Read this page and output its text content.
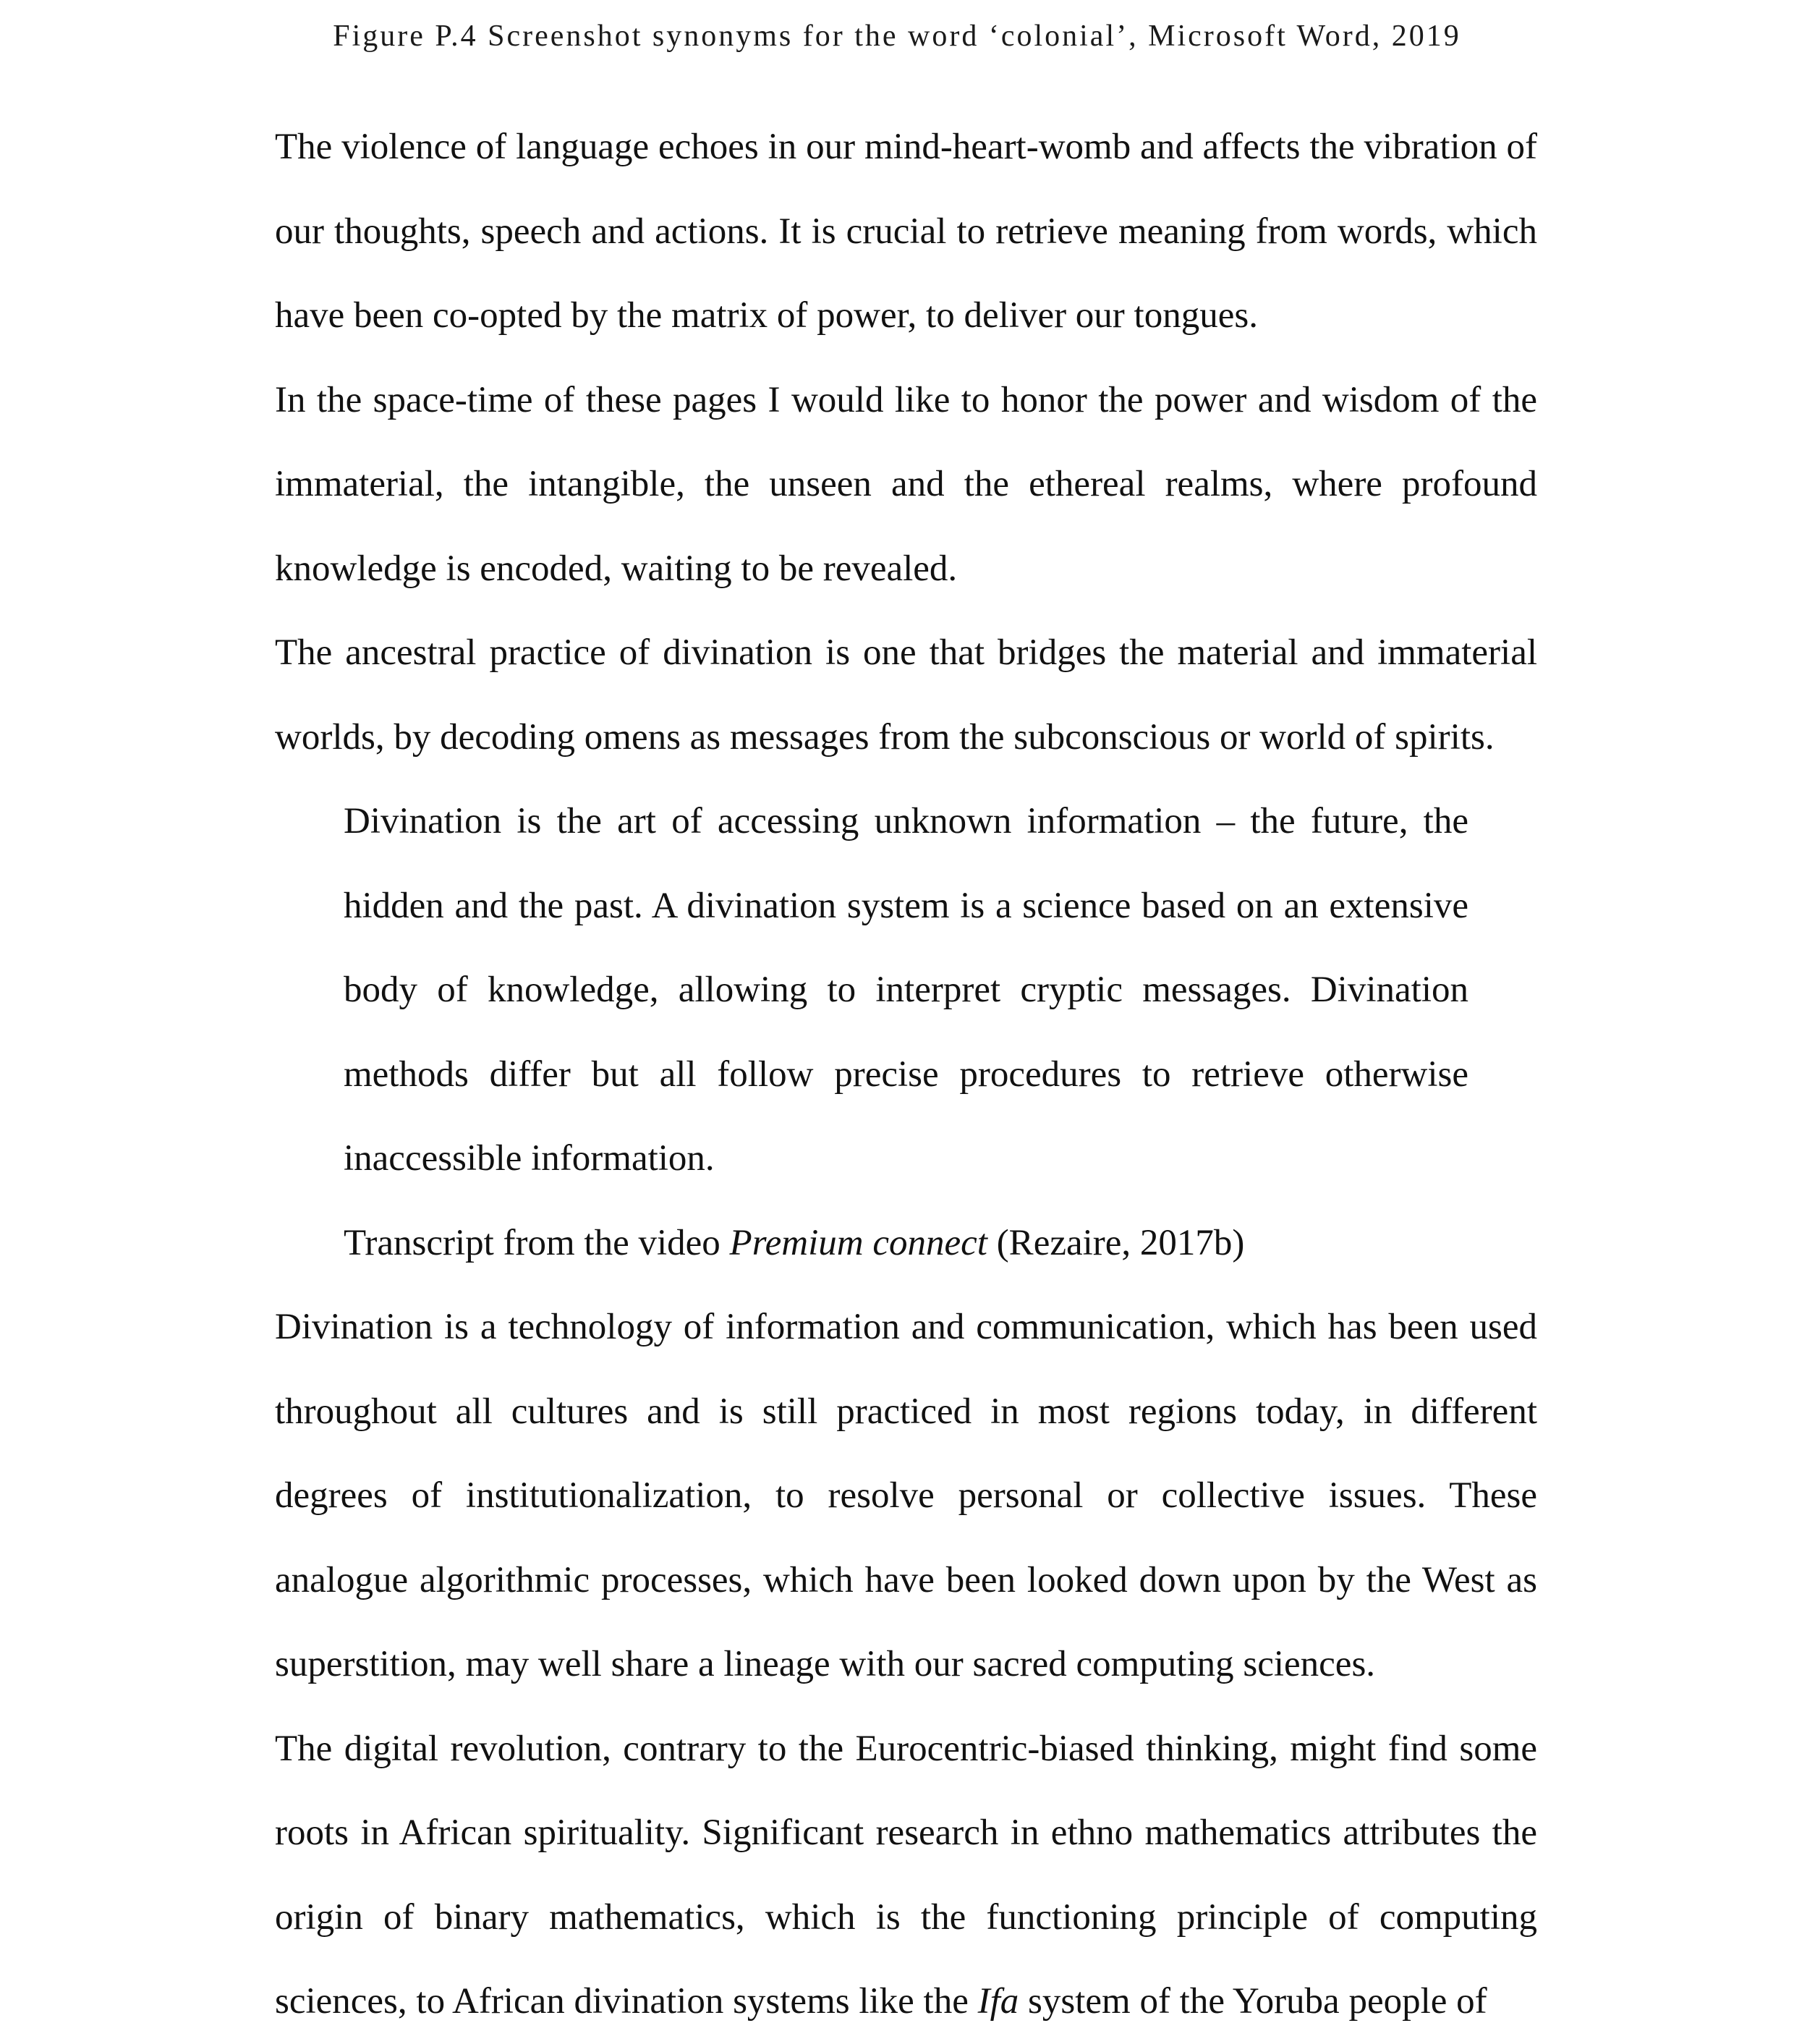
Figure P.4 Screenshot synonyms for the word ‘colonial’, Microsoft Word, 2019

The violence of language echoes in our mind-heart-womb and affects the vibration of our thoughts, speech and actions. It is crucial to retrieve meaning from words, which have been co-opted by the matrix of power, to deliver our tongues.

In the space-time of these pages I would like to honor the power and wisdom of the immaterial, the intangible, the unseen and the ethereal realms, where profound knowledge is encoded, waiting to be revealed.

The ancestral practice of divination is one that bridges the material and immaterial worlds, by decoding omens as messages from the subconscious or world of spirits.

Divination is the art of accessing unknown information – the future, the hidden and the past. A divination system is a science based on an extensive body of knowledge, allowing to interpret cryptic messages. Divination methods differ but all follow precise procedures to retrieve otherwise inaccessible information.

Transcript from the video Premium connect (Rezaire, 2017b)

Divination is a technology of information and communication, which has been used throughout all cultures and is still practiced in most regions today, in different degrees of institutionalization, to resolve personal or collective issues. These analogue algorithmic processes, which have been looked down upon by the West as superstition, may well share a lineage with our sacred computing sciences.

The digital revolution, contrary to the Eurocentric-biased thinking, might find some roots in African spirituality. Significant research in ethno mathematics attributes the origin of binary mathematics, which is the functioning principle of computing sciences, to African divination systems like the Ifa system of the Yoruba people of
